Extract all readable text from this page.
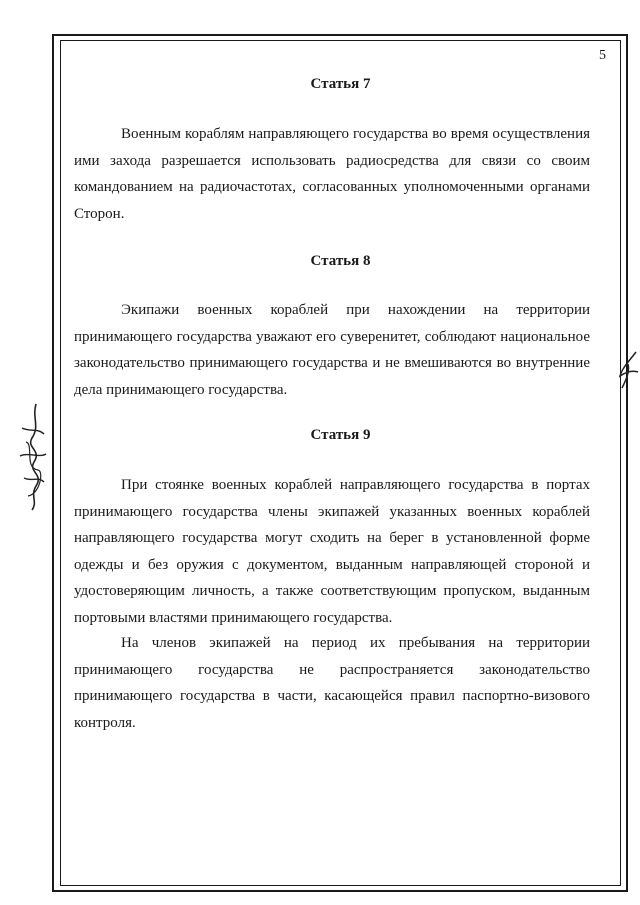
5
Статья 7

Военным кораблям направляющего государства во время осуществления ими захода разрешается использовать радиосредства для связи со своим командованием на радиочастотах, согласованных уполномоченными органами Сторон.

Статья 8

Экипажи военных кораблей при нахождении на территории принимающего государства уважают его суверенитет, соблюдают национальное законодательство принимающего государства и не вмешиваются во внутренние дела принимающего государства.

Статья 9

При стоянке военных кораблей направляющего государства в портах принимающего государства члены экипажей указанных военных кораблей направляющего государства могут сходить на берег в установленной форме одежды и без оружия с документом, выданным направляющей стороной и удостоверяющим личность, а также соответствующим пропуском, выданным портовыми властями принимающего государства.

На членов экипажей на период их пребывания на территории принимающего государства не распространяется законодательство принимающего государства в части, касающейся правил паспортно-визового контроля.
